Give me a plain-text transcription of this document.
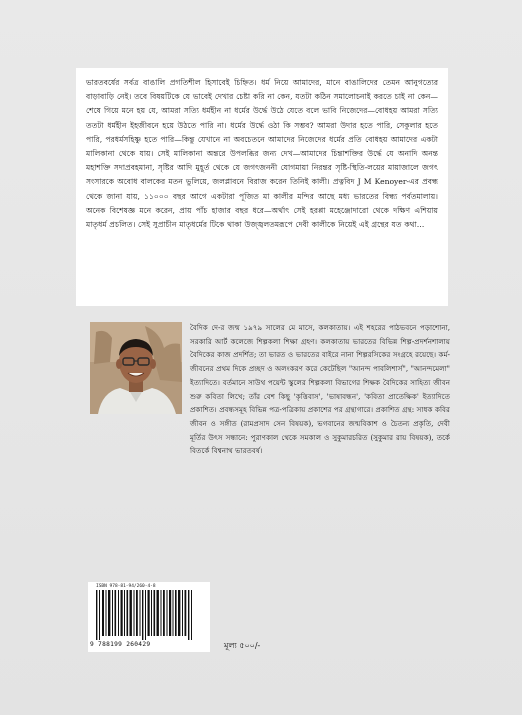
ভারতবর্ষের সর্বত্র বাঙালি প্রগতিশীল হিসাবেই চিহ্নিত। ধর্ম নিয়ে আমাদের, মানে বাঙালিদের তেমন আনুগত্যের বাড়াবাড়ি নেই। তবে বিষয়টিকে যে ভাবেই দেখার চেষ্টা করি না কেন, যতটা কঠিন সমালোচনাই করতে চাই না কেন—শেষে গিয়ে মনে হয় যে, আমরা সত্যি ধর্মহীন না ধর্মের উর্দ্ধে উঠে যেতে বলে ভাবি নিজেদের—বোধহয় আমরা সত্যি ততটা ধর্মহীন ইহজীবনে হয়ে উঠতে পারি না। ধর্মের উর্দ্ধে ওঠা কি সম্ভব? আমরা উদার হতে পারি, সেকুলার হতে পারি, পরধর্মসহিষ্ণু হতে পারি—কিন্তু যেখানে না অবচেতনে আমাদের নিজেদের ধর্মের প্রতি বোধহয় আমাদের একটা মালিকানা থেকে যায়। সেই মালিকানা অন্তরে উপলব্ধির জন্য দেখ—আমাদের চিন্তাশক্তির উর্দ্ধে যে অনাদি অনন্ত মহাশক্তি সদাপ্রবহমানা, সৃষ্টির আদি মুহূর্ত থেকে যে জগৎজননী যোগমায়া নিরন্তর সৃষ্টি-স্থিতি-লয়ের মায়াজালে জগৎ সংসারকে অবোধ বালকের মতন ভুলিয়ে, জলপ্লাবনে বিরাজ করেন তিনিই কালী। প্রত্নবিদ J M Kenoyer-এর প্রবন্ধ থেকে জানা যায়, ১১০০০ বছর আগে একটারা পূজিত মা কালীর মন্দির আছে মধ্য ভারতের বিন্ধ্য পর্বতমালায়। অনেক বিশেষজ্ঞ মনে করেন, প্রায় পাঁচ হাজার বছর ধরে—অর্থাৎ সেই হরপ্পা মহেঞ্জোদারো থেকে দক্ষিণ এশিয়ায় মাতৃধর্ম প্রচলিত। সেই সুপ্রাচীন মাতৃধর্মের টিকে থাকা উজ্জ্বলতমরূপে দেবী কালীকে নিয়েই এই গ্রন্থের যত কথা…

বৈদিক দে-র জন্ম ১৯৭৯ সালের মে মাসে, কলকাতায়। এই শহরের পাঠভবনে পড়াশোনা, সরকারি আর্ট কলেজে শিল্পকলা শিক্ষা গ্রহণ। কলকাতায় ভারতের বিভিন্ন শিল্প-প্রদর্শনশালায় বৈদিকের কাজ প্রদর্শিত; তা ভারত ও ভারতের বাইরে নানা শিল্পরসিকের সংগ্রহে রয়েছে। কর্ম-জীবনের প্রথম দিকে প্রচ্ছদ ও অলংকরণ করে কেটেছিল "আনন্দ পাবলিশার্স", "আনন্দমেলা" ইত্যাদিতে। বর্তমানে সাউথ পয়েন্ট স্কুলের শিল্পকলা বিভাগের শিক্ষক বৈদিকের সাহিত্য জীবন শুরু কবিতা লিখে; তাঁর বেশ কিছু 'কৃত্তিবাস', 'ভাষাবন্ধন', 'কবিতা প্রাতেক্ষিক' ইত্যাদিতে প্রকাশিত। প্রবন্ধসমূহ বিভিন্ন পত্র-পত্রিকায় প্রকাশের পর গ্রন্থাগারে। প্রকাশিত গ্রন্থ: সাধক কবির জীবন ও সঙ্গীত (রামপ্রসাদ সেন বিষয়ক), ভগবানের জন্মবিকাশ ও চৈতন্য প্রকৃতি, দেবী মূর্তির উৎস সন্ধানে: পুরাণকাল থেকে সমকাল ও সুকুমারচরিত (সুকুমার রায় বিষয়ক), তর্কে বিতর্কে বিশ্বনাথ ভারতবর্ষ।

ISBN 978-81-94/260-4-8
9 788199 260429	মূল্য ৫০০/-
